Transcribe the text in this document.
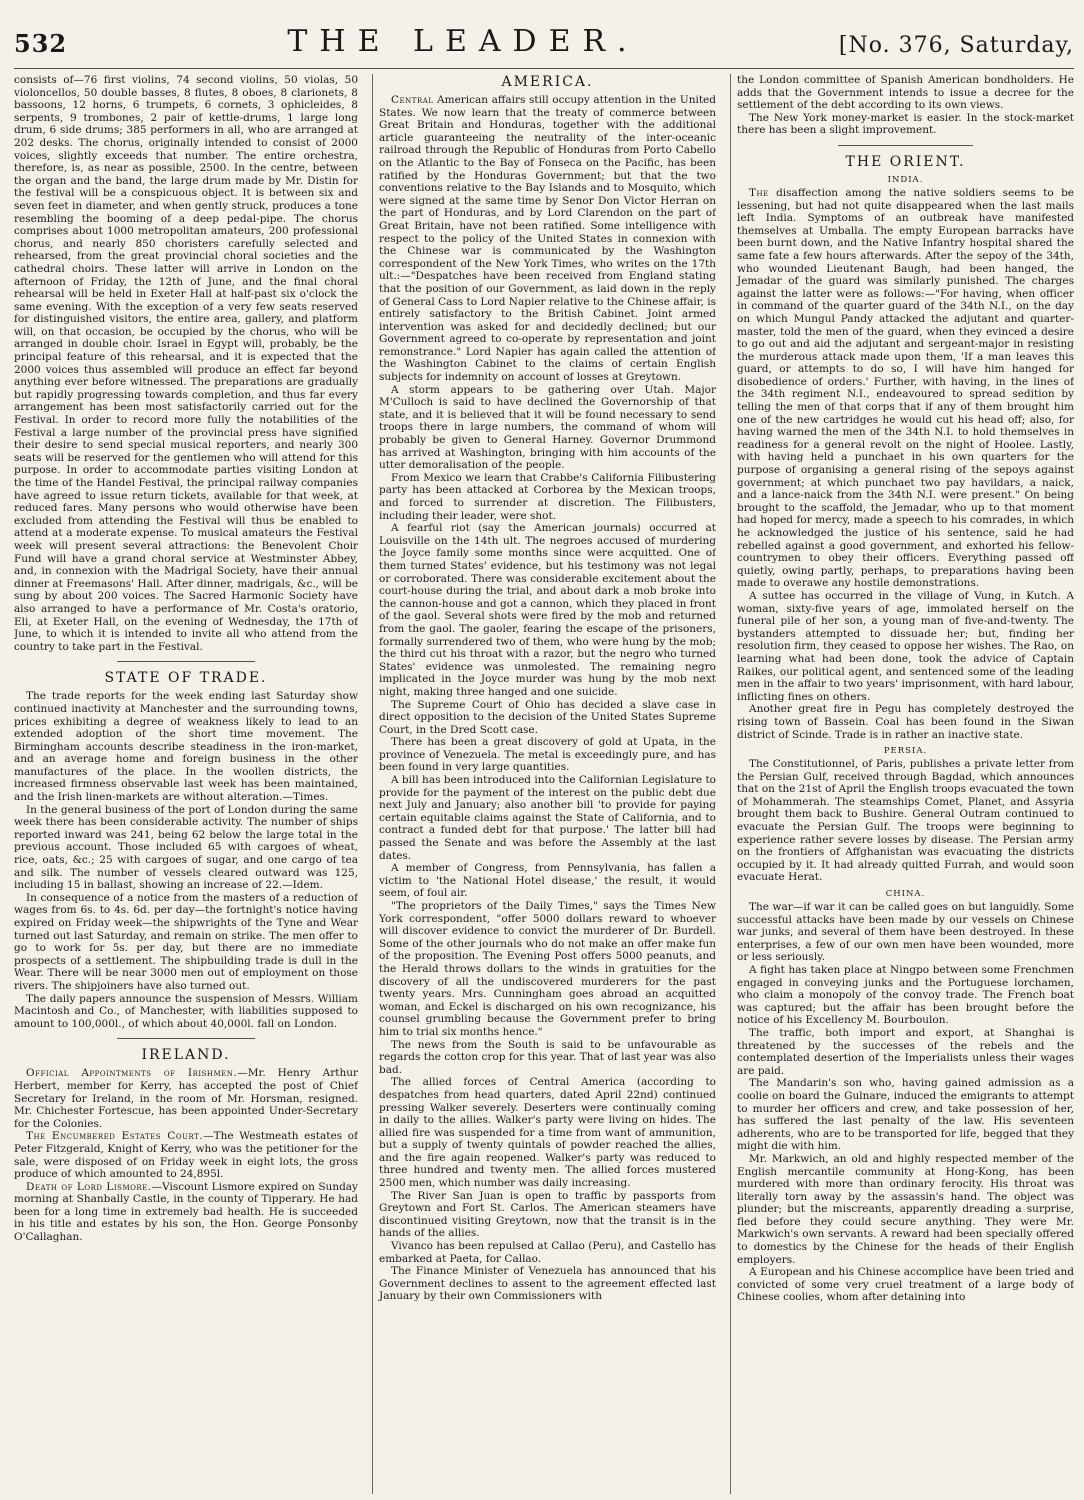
532	THE LEADER.	[No. 376, Saturday,

consists of—76 first violins, 74 second violins, 50 violas, 50 violoncellos, 50 double basses, 8 flutes, 8 oboes, 8 clarionets, 8 bassoons, 12 horns, 6 trumpets, 6 cornets, 3 ophicleides, 8 serpents, 9 trombones, 2 pair of kettle-drums, 1 large long drum, 6 side drums; 385 performers in all, who are arranged at 202 desks. The chorus, originally intended to consist of 2000 voices, slightly exceeds that number. The entire orchestra, therefore, is, as near as possible, 2500. In the centre, between the organ and the band, the large drum made by Mr. Distin for the festival will be a conspicuous object. It is between six and seven feet in diameter, and when gently struck, produces a tone resembling the booming of a deep pedal-pipe. The chorus comprises about 1000 metropolitan amateurs, 200 professional chorus, and nearly 850 choristers carefully selected and rehearsed, from the great provincial choral societies and the cathedral choirs. These latter will arrive in London on the afternoon of Friday, the 12th of June, and the final choral rehearsal will be held in Exeter Hall at half-past six o'clock the same evening. With the exception of a very few seats reserved for distinguished visitors, the entire area, gallery, and platform will, on that occasion, be occupied by the chorus, who will be arranged in double choir. Israel in Egypt will, probably, be the principal feature of this rehearsal, and it is expected that the 2000 voices thus assembled will produce an effect far beyond anything ever before witnessed. The preparations are gradually but rapidly progressing towards completion, and thus far every arrangement has been most satisfactorily carried out for the Festival. In order to record more fully the notabilities of the Festival a large number of the provincial press have signified their desire to send special musical reporters, and nearly 300 seats will be reserved for the gentlemen who will attend for this purpose. In order to accommodate parties visiting London at the time of the Handel Festival, the principal railway companies have agreed to issue return tickets, available for that week, at reduced fares. Many persons who would otherwise have been excluded from attending the Festival will thus be enabled to attend at a moderate expense. To musical amateurs the Festival week will present several attractions: the Benevolent Choir Fund will have a grand choral service at Westminster Abbey, and, in connexion with the Madrigal Society, have their annual dinner at Freemasons' Hall. After dinner, madrigals, &c., will be sung by about 200 voices. The Sacred Harmonic Society have also arranged to have a performance of Mr. Costa's oratorio, Eli, at Exeter Hall, on the evening of Wednesday, the 17th of June, to which it is intended to invite all who attend from the country to take part in the Festival.

STATE OF TRADE.

The trade reports for the week ending last Saturday show continued inactivity at Manchester and the surrounding towns, prices exhibiting a degree of weakness likely to lead to an extended adoption of the short time movement. The Birmingham accounts describe steadiness in the iron-market, and an average home and foreign business in the other manufactures of the place. In the woollen districts, the increased firmness observable last week has been maintained, and the Irish linen-markets are without alteration.—Times.

In the general business of the port of London during the same week there has been considerable activity. The number of ships reported inward was 241, being 62 below the large total in the previous account. Those included 65 with cargoes of wheat, rice, oats, &c.; 25 with cargoes of sugar, and one cargo of tea and silk. The number of vessels cleared outward was 125, including 15 in ballast, showing an increase of 22.—Idem.

In consequence of a notice from the masters of a reduction of wages from 6s. to 4s. 6d. per day—the fortnight's notice having expired on Friday week—the shipwrights of the Tyne and Wear turned out last Saturday, and remain on strike. The men offer to go to work for 5s. per day, but there are no immediate prospects of a settlement. The shipbuilding trade is dull in the Wear. There will be near 3000 men out of employment on those rivers. The shipjoiners have also turned out.

The daily papers announce the suspension of Messrs. William Macintosh and Co., of Manchester, with liabilities supposed to amount to 100,000l., of which about 40,000l. fall on London.

IRELAND.

Official Appointments of Irishmen.—Mr. Henry Arthur Herbert, member for Kerry, has accepted the post of Chief Secretary for Ireland, in the room of Mr. Horsman, resigned. Mr. Chichester Fortescue, has been appointed Under-Secretary for the Colonies.

The Encumbered Estates Court.—The Westmeath estates of Peter Fitzgerald, Knight of Kerry, who was the petitioner for the sale, were disposed of on Friday week in eight lots, the gross produce of which amounted to 24,895l.

Death of Lord Lismore.—Viscount Lismore expired on Sunday morning at Shanbally Castle, in the county of Tipperary. He had been for a long time in extremely bad health. He is succeeded in his title and estates by his son, the Hon. George Ponsonby O'Callaghan.

AMERICA.

Central American affairs still occupy attention in the United States. We now learn that the treaty of commerce between Great Britain and Honduras, together with the additional article guaranteeing the neutrality of the inter-oceanic railroad through the Republic of Honduras from Porto Cabello on the Atlantic to the Bay of Fonseca on the Pacific, has been ratified by the Honduras Government; but that the two conventions relative to the Bay Islands and to Mosquito, which were signed at the same time by Senor Don Victor Herran on the part of Honduras, and by Lord Clarendon on the part of Great Britain, have not been ratified. Some intelligence with respect to the policy of the United States in connexion with the Chinese war is communicated by the Washington correspondent of the New York Times, who writes on the 17th ult.:—"Despatches have been received from England stating that the position of our Government, as laid down in the reply of General Cass to Lord Napier relative to the Chinese affair, is entirely satisfactory to the British Cabinet. Joint armed intervention was asked for and decidedly declined; but our Government agreed to co-operate by representation and joint remonstrance." Lord Napier has again called the attention of the Washington Cabinet to the claims of certain English subjects for indemnity on account of losses at Greytown.

A storm appears to be gathering over Utah. Major M'Culloch is said to have declined the Governorship of that state, and it is believed that it will be found necessary to send troops there in large numbers, the command of whom will probably be given to General Harney. Governor Drummond has arrived at Washington, bringing with him accounts of the utter demoralisation of the people.

From Mexico we learn that Crabbe's California Filibustering party has been attacked at Corborea by the Mexican troops, and forced to surrender at discretion. The Filibusters, including their leader, were shot.

A fearful riot (say the American journals) occurred at Louisville on the 14th ult. The negroes accused of murdering the Joyce family some months since were acquitted. One of them turned States' evidence, but his testimony was not legal or corroborated. There was considerable excitement about the court-house during the trial, and about dark a mob broke into the cannon-house and got a cannon, which they placed in front of the gaol. Several shots were fired by the mob and returned from the gaol. The gaoler, fearing the escape of the prisoners, formally surrendered two of them, who were hung by the mob; the third cut his throat with a razor, but the negro who turned States' evidence was unmolested. The remaining negro implicated in the Joyce murder was hung by the mob next night, making three hanged and one suicide.

The Supreme Court of Ohio has decided a slave case in direct opposition to the decision of the United States Supreme Court, in the Dred Scott case.

There has been a great discovery of gold at Upata, in the province of Venezuela. The metal is exceedingly pure, and has been found in very large quantities.

A bill has been introduced into the Californian Legislature to provide for the payment of the interest on the public debt due next July and January; also another bill 'to provide for paying certain equitable claims against the State of California, and to contract a funded debt for that purpose.' The latter bill had passed the Senate and was before the Assembly at the last dates.

A member of Congress, from Pennsylvania, has fallen a victim to 'the National Hotel disease,' the result, it would seem, of foul air.

"The proprietors of the Daily Times," says the Times New York correspondent, "offer 5000 dollars reward to whoever will discover evidence to convict the murderer of Dr. Burdell. Some of the other journals who do not make an offer make fun of the proposition. The Evening Post offers 5000 peanuts, and the Herald throws dollars to the winds in gratuities for the discovery of all the undiscovered murderers for the past twenty years. Mrs. Cunningham goes abroad an acquitted woman, and Eckel is discharged on his own recognizance, his counsel grumbling because the Government prefer to bring him to trial six months hence."

The news from the South is said to be unfavourable as regards the cotton crop for this year. That of last year was also bad.

The allied forces of Central America (according to despatches from head quarters, dated April 22nd) continued pressing Walker severely. Deserters were continually coming in daily to the allies. Walker's party were living on hides. The allied fire was suspended for a time from want of ammunition, but a supply of twenty quintals of powder reached the allies, and the fire again reopened. Walker's party was reduced to three hundred and twenty men. The allied forces mustered 2500 men, which number was daily increasing.

The River San Juan is open to traffic by passports from Greytown and Fort St. Carlos. The American steamers have discontinued visiting Greytown, now that the transit is in the hands of the allies.

Vivanco has been repulsed at Callao (Peru), and Castello has embarked at Paeta, for Callao.

The Finance Minister of Venezuela has announced that his Government declines to assent to the agreement effected last January by their own Commissioners with

the London committee of Spanish American bondholders. He adds that the Government intends to issue a decree for the settlement of the debt according to its own views.

The New York money-market is easier. In the stock-market there has been a slight improvement.

THE ORIENT.
INDIA.

The disaffection among the native soldiers seems to be lessening, but had not quite disappeared when the last mails left India. Symptoms of an outbreak have manifested themselves at Umballa. The empty European barracks have been burnt down, and the Native Infantry hospital shared the same fate a few hours afterwards. After the sepoy of the 34th, who wounded Lieutenant Baugh, had been hanged, the Jemadar of the guard was similarly punished. The charges against the latter were as follows:—"For having, when officer in command of the quarter guard of the 34th N.I., on the day on which Mungul Pandy attacked the adjutant and quarter-master, told the men of the guard, when they evinced a desire to go out and aid the adjutant and sergeant-major in resisting the murderous attack made upon them, 'If a man leaves this guard, or attempts to do so, I will have him hanged for disobedience of orders.' Further, with having, in the lines of the 34th regiment N.I., endeavoured to spread sedition by telling the men of that corps that if any of them brought him one of the new cartridges he would cut his head off; also, for having warned the men of the 34th N.I. to hold themselves in readiness for a general revolt on the night of Hoolee. Lastly, with having held a punchaet in his own quarters for the purpose of organising a general rising of the sepoys against government; at which punchaet two pay havildars, a naick, and a lance-naick from the 34th N.I. were present." On being brought to the scaffold, the Jemadar, who up to that moment had hoped for mercy, made a speech to his comrades, in which he acknowledged the justice of his sentence, said he had rebelled against a good government, and exhorted his fellow-countrymen to obey their officers. Everything passed off quietly, owing partly, perhaps, to preparations having been made to overawe any hostile demonstrations.

A suttee has occurred in the village of Vung, in Kutch. A woman, sixty-five years of age, immolated herself on the funeral pile of her son, a young man of five-and-twenty. The bystanders attempted to dissuade her; but, finding her resolution firm, they ceased to oppose her wishes. The Rao, on learning what had been done, took the advice of Captain Raikes, our political agent, and sentenced some of the leading men in the affair to two years' imprisonment, with hard labour, inflicting fines on others.

Another great fire in Pegu has completely destroyed the rising town of Bassein. Coal has been found in the Siwan district of Scinde. Trade is in rather an inactive state.

PERSIA.

The Constitutionnel, of Paris, publishes a private letter from the Persian Gulf, received through Bagdad, which announces that on the 21st of April the English troops evacuated the town of Mohammerah. The steamships Comet, Planet, and Assyria brought them back to Bushire. General Outram continued to evacuate the Persian Gulf. The troops were beginning to experience rather severe losses by disease. The Persian army on the frontiers of Affghanistan was evacuating the districts occupied by it. It had already quitted Furrah, and would soon evacuate Herat.

CHINA.

The war—if war it can be called goes on but languidly. Some successful attacks have been made by our vessels on Chinese war junks, and several of them have been destroyed. In these enterprises, a few of our own men have been wounded, more or less seriously.

A fight has taken place at Ningpo between some Frenchmen engaged in conveying junks and the Portuguese lorchamen, who claim a monopoly of the convoy trade. The French boat was captured; but the affair has been brought before the notice of his Excellency M. Bourboulon.

The traffic, both import and export, at Shanghai is threatened by the successes of the rebels and the contemplated desertion of the Imperialists unless their wages are paid.

The Mandarin's son who, having gained admission as a coolie on board the Gulnare, induced the emigrants to attempt to murder her officers and crew, and take possession of her, has suffered the last penalty of the law. His seventeen adherents, who are to be transported for life, begged that they might die with him.

Mr. Markwich, an old and highly respected member of the English mercantile community at Hong-Kong, has been murdered with more than ordinary ferocity. His throat was literally torn away by the assassin's hand. The object was plunder; but the miscreants, apparently dreading a surprise, fled before they could secure anything. They were Mr. Markwich's own servants. A reward had been specially offered to domestics by the Chinese for the heads of their English employers.

A European and his Chinese accomplice have been tried and convicted of some very cruel treatment of a large body of Chinese coolies, whom after detaining into
